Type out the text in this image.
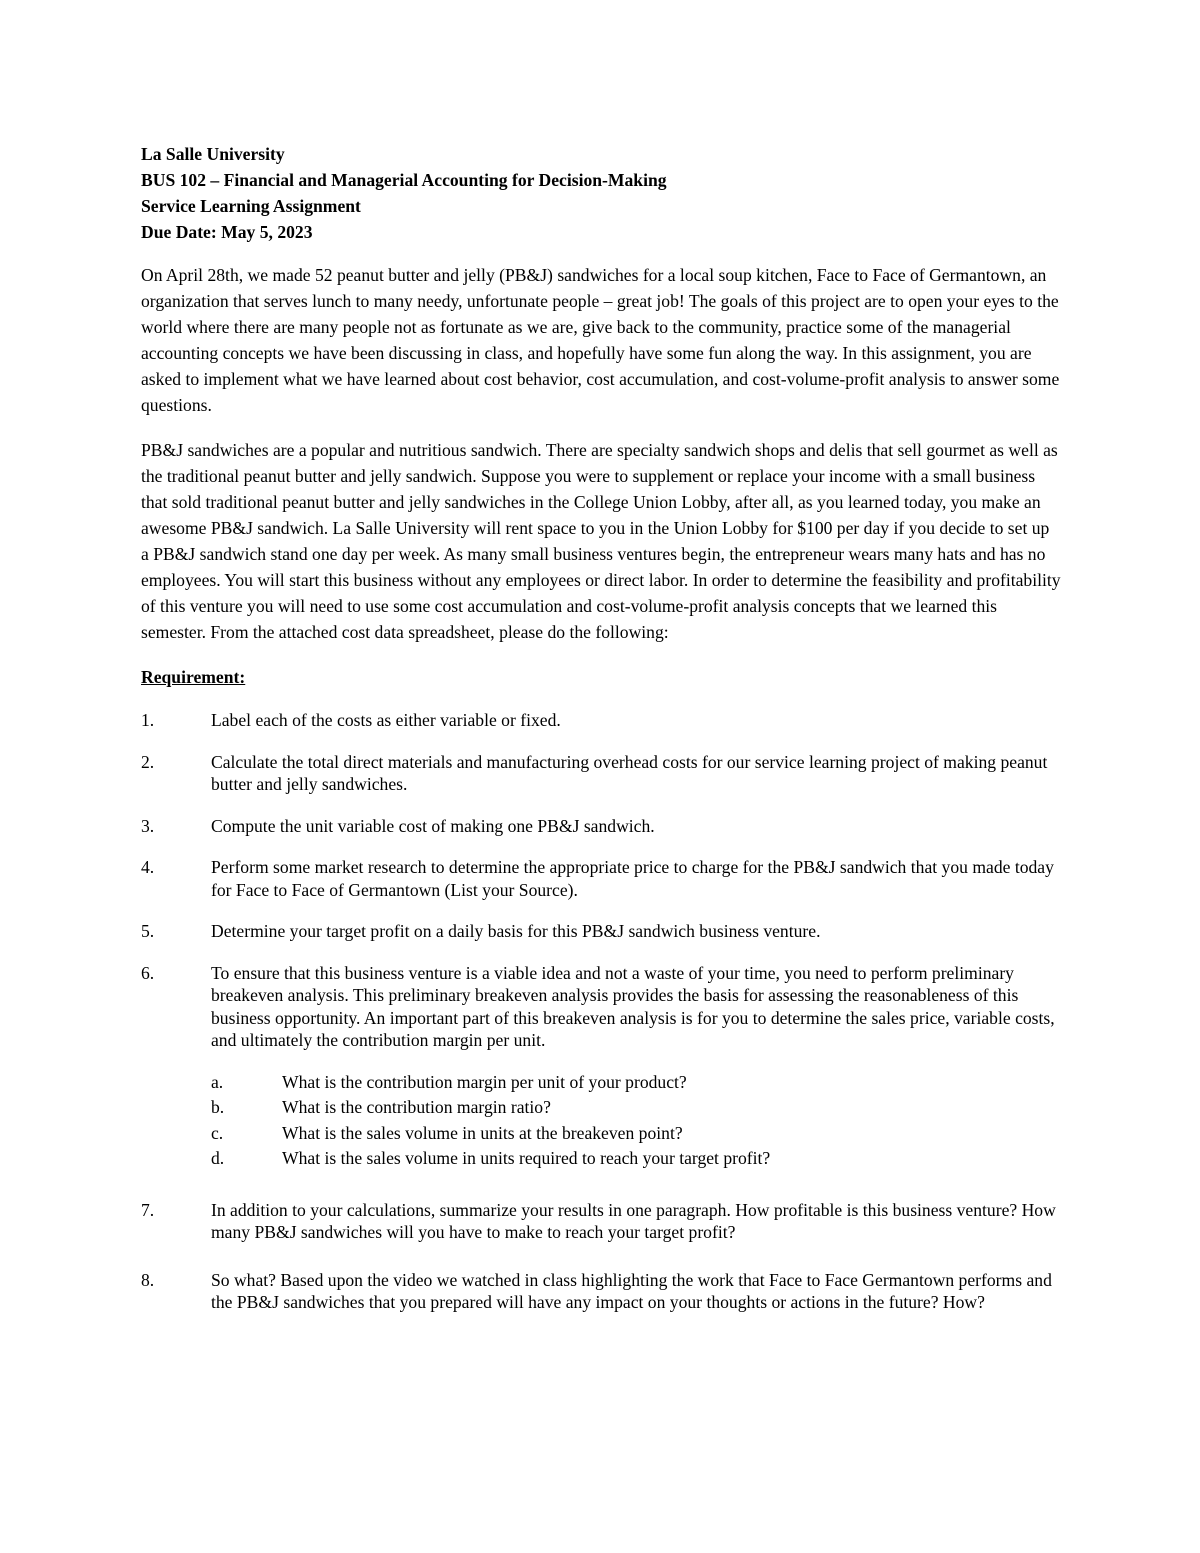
La Salle University

BUS 102 – Financial and Managerial Accounting for Decision-Making

Service Learning Assignment

Due Date: May 5, 2023

On April 28th, we made 52 peanut butter and jelly (PB&J) sandwiches for a local soup kitchen, Face to Face of Germantown, an organization that serves lunch to many needy, unfortunate people – great job! The goals of this project are to open your eyes to the world where there are many people not as fortunate as we are, give back to the community, practice some of the managerial accounting concepts we have been discussing in class, and hopefully have some fun along the way. In this assignment, you are asked to implement what we have learned about cost behavior, cost accumulation, and cost-volume-profit analysis to answer some questions.

PB&J sandwiches are a popular and nutritious sandwich. There are specialty sandwich shops and delis that sell gourmet as well as the traditional peanut butter and jelly sandwich. Suppose you were to supplement or replace your income with a small business that sold traditional peanut butter and jelly sandwiches in the College Union Lobby, after all, as you learned today, you make an awesome PB&J sandwich. La Salle University will rent space to you in the Union Lobby for $100 per day if you decide to set up a PB&J sandwich stand one day per week. As many small business ventures begin, the entrepreneur wears many hats and has no employees. You will start this business without any employees or direct labor. In order to determine the feasibility and profitability of this venture you will need to use some cost accumulation and cost-volume-profit analysis concepts that we learned this semester. From the attached cost data spreadsheet, please do the following:

Requirement:

1.	Label each of the costs as either variable or fixed.
2.	Calculate the total direct materials and manufacturing overhead costs for our service learning project of making peanut butter and jelly sandwiches.
3.	Compute the unit variable cost of making one PB&J sandwich.
4.	Perform some market research to determine the appropriate price to charge for the PB&J sandwich that you made today for Face to Face of Germantown (List your Source).
5.	Determine your target profit on a daily basis for this PB&J sandwich business venture.
6.	To ensure that this business venture is a viable idea and not a waste of your time, you need to perform preliminary breakeven analysis. This preliminary breakeven analysis provides the basis for assessing the reasonableness of this business opportunity. An important part of this breakeven analysis is for you to determine the sales price, variable costs, and ultimately the contribution margin per unit.
a.	What is the contribution margin per unit of your product?
b.	What is the contribution margin ratio?
c.	What is the sales volume in units at the breakeven point?
d.	What is the sales volume in units required to reach your target profit?
7.	In addition to your calculations, summarize your results in one paragraph. How profitable is this business venture? How many PB&J sandwiches will you have to make to reach your target profit?
8.	So what? Based upon the video we watched in class highlighting the work that Face to Face Germantown performs and the PB&J sandwiches that you prepared will have any impact on your thoughts or actions in the future? How?
